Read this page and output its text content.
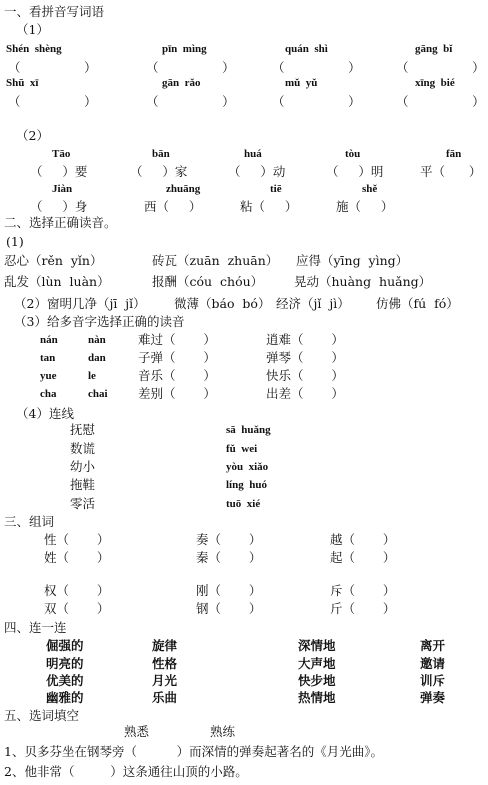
一、看拼音写词语
（1）
Shén  shèng	pīn  mìng	quán  shì	gāng  bǐ
（                ）	（                ）	（                ）	（                ）
Shū  xī	gān  rǎo	mǔ  yǔ	xīng  bié
（                ）	（                ）	（                ）	（                ）
（2）
Tāo	bān	huá	tòu	fān
（     ）要	（     ）家	（     ）动	（     ）明	平（      ）
Jiàn	zhuāng	tiē	shě
（     ）身	西（     ）	粘（     ）	施（     ）
二、选择正确读音。
(1)
忍心（rěn  yǐn）	砖瓦（zuān  zhuān） 应得（yīng  yìng）
乱发（lùn  luàn）	报酬（cóu  chóu） 晃动（huàng  huǎng）
（2）窗明几净（jī  jǐ） 微薄（báo  bó） 经济（jǐ  jì） 仿佛（fú  fó）
（3）给多音字选择正确的读音
nán	nàn	难过（       ）	逍难（       ）
tan	dan	子弹（       ）	弹琴（       ）
yue	le	音乐（       ）	快乐（       ）
cha	chai 差别（       ）	出差（       ）
（4）连线
抚慰
数谎
幼小
拖鞋
零活
sā  huǎng
fǔ  wei
yòu  xiǎo
líng  huó
tuō  xié
三、组词
性（       ）	奏（       ）	越（       ）
姓（       ）	秦（       ）	起（       ）
权（       ）	刚（       ）	斥（       ）
双（       ）	钢（       ）	斤（       ）
四、连一连
倔强的	旋律	深情地	离开
明亮的	性格	大声地	邀请
优美的	月光	快步地	训斥
幽雅的	乐曲	热情地	弹奏
五、选词填空
熟悉	熟练
1、贝多芬坐在钢琴旁（          ）而深情的弹奏起著名的《月光曲》。
2、他非常（         ）这条通往山顶的小路。
